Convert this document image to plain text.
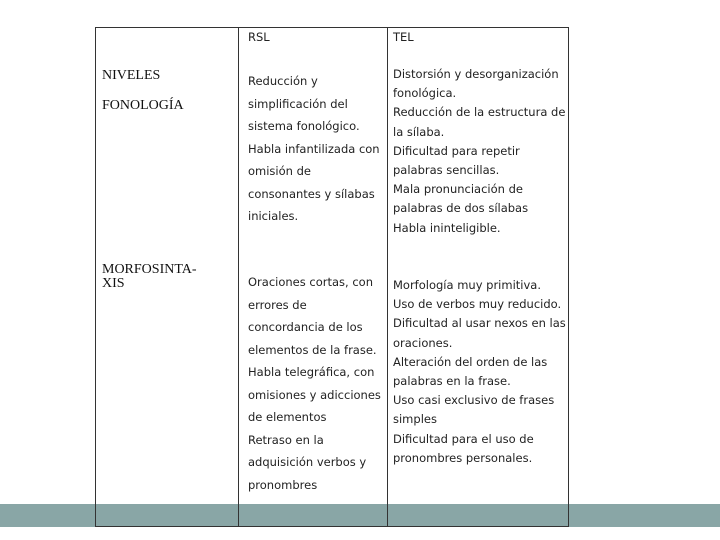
RSL	TEL
NIVELES
FONOLOGÍA
MORFOSINTA-
XIS
Reducción y
simplificación del
sistema fonológico.
Habla infantilizada con
omisión de
consonantes y sílabas
iniciales.
Distorsión y desorganización
fonológica.
Reducción de la estructura de
la sílaba.
Dificultad para repetir
palabras sencillas.
Mala pronunciación de
palabras de dos sílabas
Habla ininteligible.
Oraciones cortas, con
errores de
concordancia de los
elementos de la frase.
Habla telegráfica, con
omisiones y adicciones
de elementos
Retraso en la
adquisición verbos y
pronombres
Morfología muy primitiva.
Uso de verbos muy reducido.
Dificultad al usar nexos en las
oraciones.
Alteración del orden de las
palabras en la frase.
Uso casi exclusivo de frases
simples
Dificultad para el uso de
pronombres personales.
